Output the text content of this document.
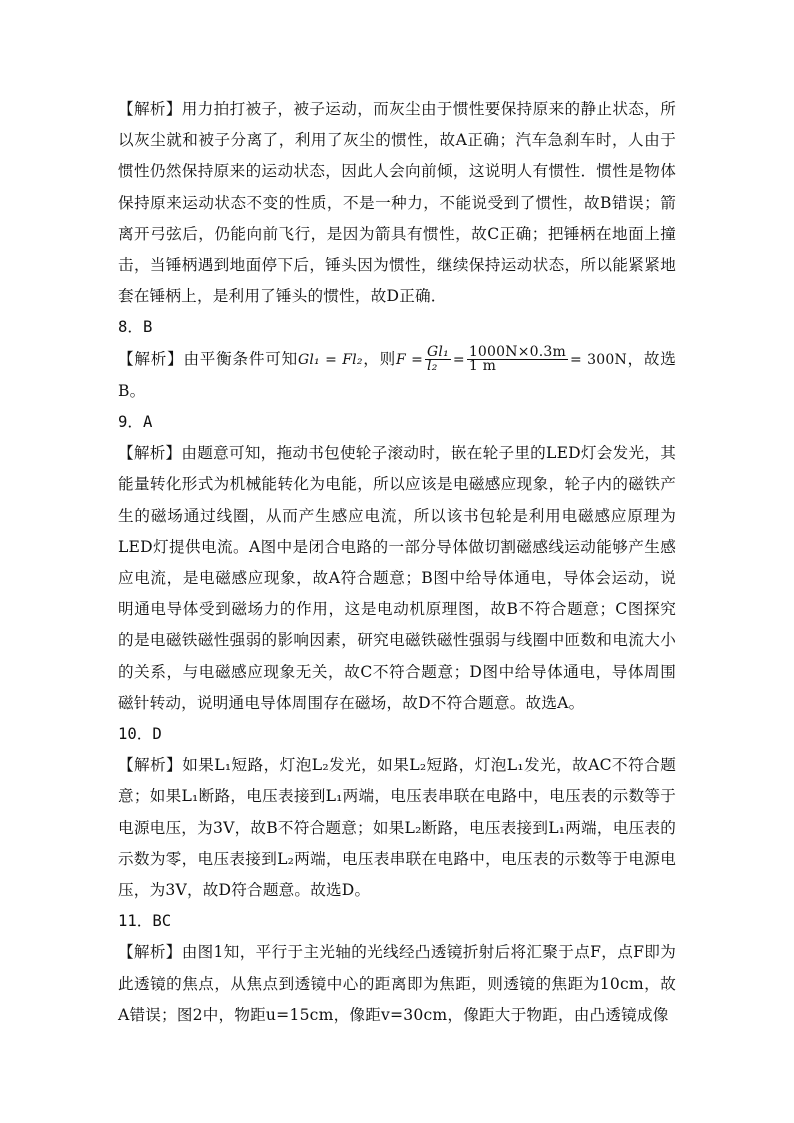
【解析】用力拍打被子，被子运动，而灰尘由于惯性要保持原来的静止状态，所以灰尘就和被子分离了，利用了灰尘的惯性，故A正确；汽车急刹车时，人由于惯性仍然保持原来的运动状态，因此人会向前倾，这说明人有惯性．惯性是物体保持原来运动状态不变的性质，不是一种力，不能说受到了惯性，故B错误；箭离开弓弦后，仍能向前飞行，是因为箭具有惯性，故C正确；把锤柄在地面上撞击，当锤柄遇到地面停下后，锤头因为惯性，继续保持运动状态，所以能紧紧地套在锤柄上，是利用了锤头的惯性，故D正确．

8．B

【解析】由平衡条件可知Gl₁ = Fl₂，则$F = \frac{\text{Gl₁}}{\text{l₂}} = \frac{1000N\times 0.3m}{1 m} = 300N$，故选B。

9．A

【解析】由题意可知，拖动书包使轮子滚动时，嵌在轮子里的LED灯会发光，其能量转化形式为机械能转化为电能，所以应该是电磁感应现象，轮子内的磁铁产生的磁场通过线圈，从而产生感应电流，所以该书包轮是利用电磁感应原理为LED灯提供电流。A图中是闭合电路的一部分导体做切割磁感线运动能够产生感应电流，是电磁感应现象，故A符合题意；B图中给导体通电，导体会运动，说明通电导体受到磁场力的作用，这是电动机原理图，故B不符合题意；C图探究的是电磁铁磁性强弱的影响因素，研究电磁铁磁性强弱与线圈中匝数和电流大小的关系，与电磁感应现象无关，故C不符合题意；D图中给导体通电，导体周围磁针转动，说明通电导体周围存在磁场，故D不符合题意。故选A。

10．D

【解析】如果L₁短路，灯泡L₂发光，如果L₂短路，灯泡L₁发光，故AC不符合题意；如果L₁断路，电压表接到L₁两端，电压表串联在电路中，电压表的示数等于电源电压，为3V，故B不符合题意；如果L₂断路，电压表接到L₁两端，电压表的示数为零，电压表接到L₂两端，电压表串联在电路中，电压表的示数等于电源电压，为3V，故D符合题意。故选D。

11．BC

【解析】由图1知，平行于主光轴的光线经凸透镜折射后将汇聚于点F，点F即为此透镜的焦点，从焦点到透镜中心的距离即为焦距，则透镜的焦距为10cm，故A错误；图2中，物距u=15cm，像距v=30cm，像距大于物距，由凸透镜成像
